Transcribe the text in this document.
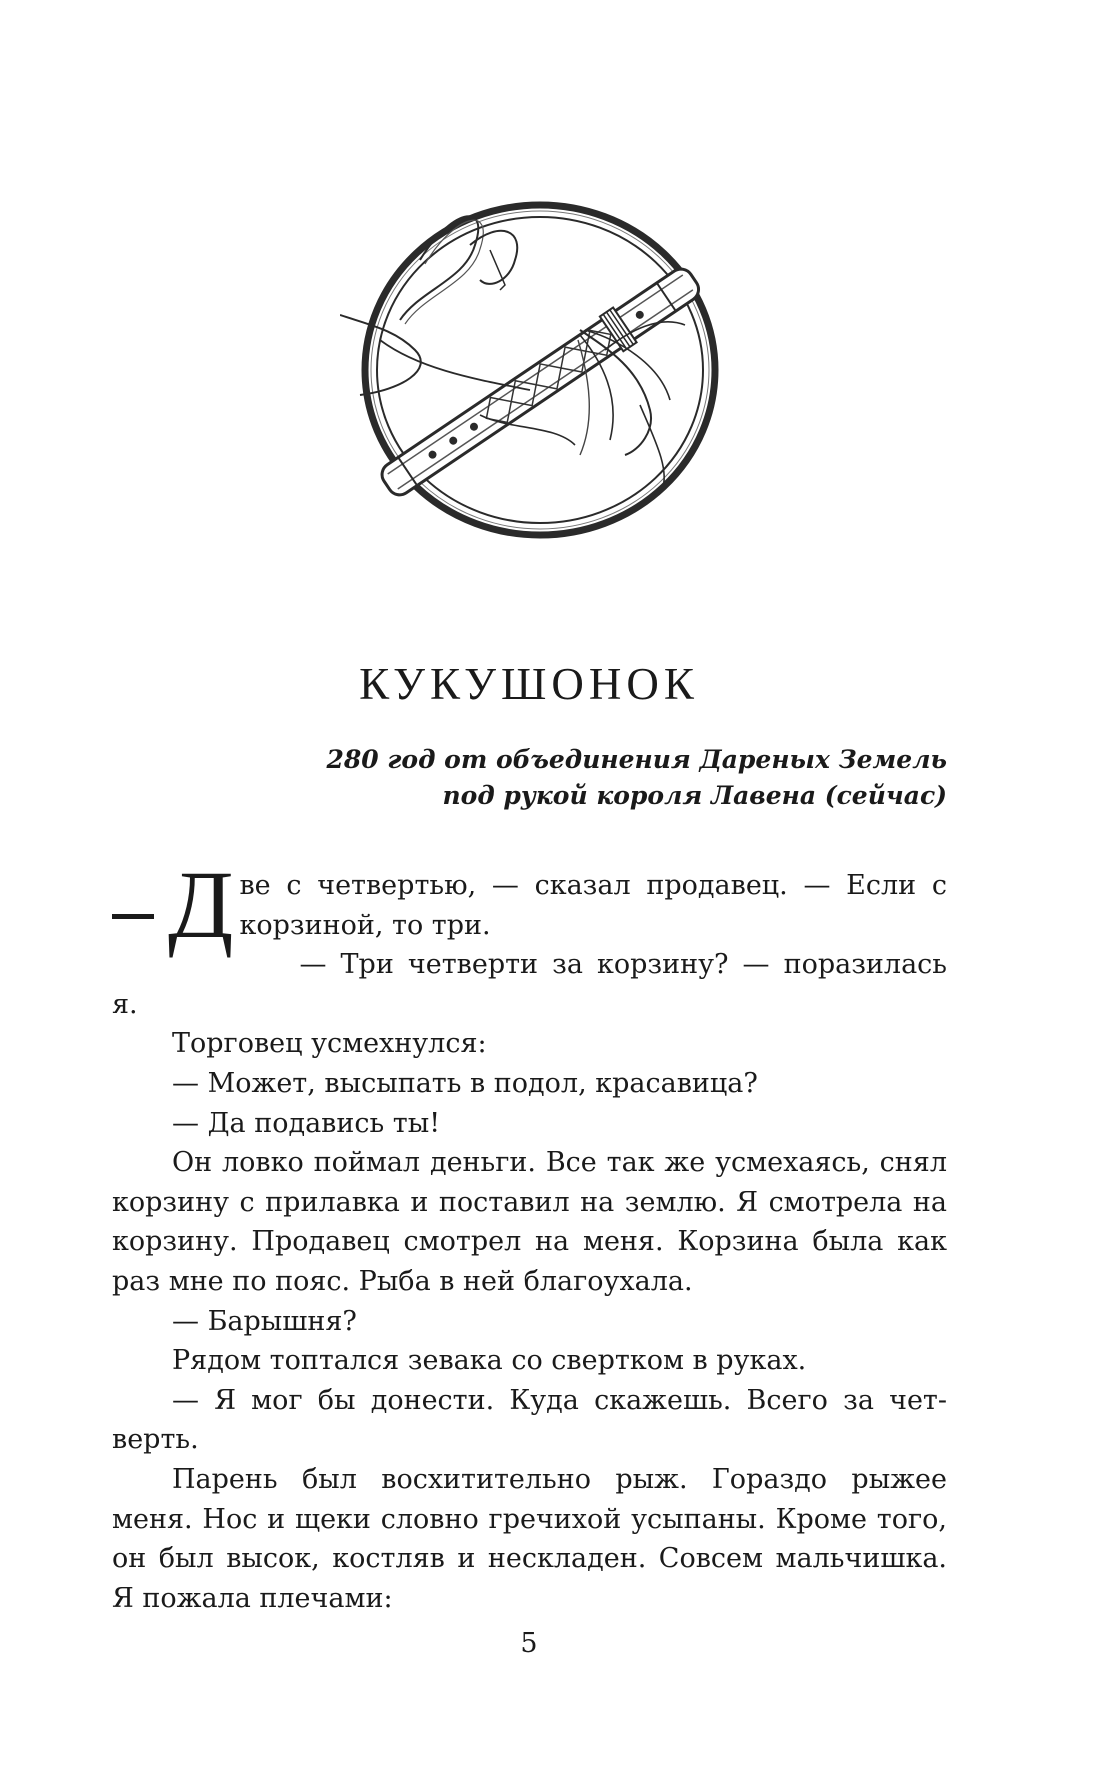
КУКУШОНОК
280 год от объединения Дареных Земель
под рукой короля Лавена (сейчас)

Д ве с четвертью, — сказал продавец. — Если с корзиной, то три.

— Три четверти за корзину? — поразилась я.

Торговец усмехнулся:

— Может, высыпать в подол, красавица?

— Да подавись ты!

Он ловко поймал деньги. Все так же усмехаясь, снял корзину с прилавка и поставил на землю. Я смотрела на корзину. Продавец смотрел на меня. Корзина была как раз мне по пояс. Рыба в ней благоухала.

— Барышня?

Рядом топтался зевака со свертком в руках.

— Я мог бы донести. Куда скажешь. Всего за четверть.

Парень был восхитительно рыж. Гораздо рыжее меня. Нос и щеки словно гречихой усыпаны. Кроме того, он был высок, костляв и нескладен. Совсем мальчишка. Я пожала плечами:

5
